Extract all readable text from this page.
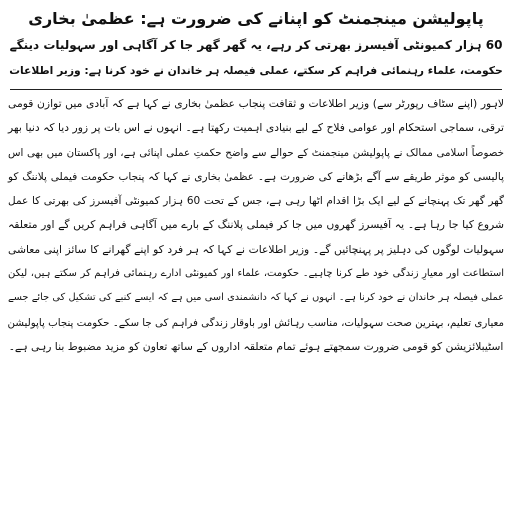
پاپولیشن مینجمنٹ کو اپنانے کی ضرورت ہے: عظمیٰ بخاری

60 ہزار کمیونٹی آفیسرز بھرتی کر رہے، یہ گھر گھر جا کر آگاہی اور سہولیات دینگے

حکومت، علماء رہنمائی فراہم کر سکتے، عملی فیصلہ ہر خاندان نے خود کرنا ہے: وزیر اطلاعات

لاہور (اپنے سٹاف رپورٹر سے) وزیر اطلاعات و ثقافت پنجاب عظمیٰ بخاری نے کہا ہے کہ آبادی میں توازن قومی

ترقی، سماجی استحکام اور عوامی فلاح کے لیے بنیادی اہمیت رکھتا ہے۔ انہوں نے اس بات پر زور دیا کہ دنیا بھر

خصوصاً اسلامی ممالک نے پاپولیشن مینجمنٹ کے حوالے سے واضح حکمتِ عملی اپنائی ہے، اور پاکستان میں بھی اس

پالیسی کو موثر طریقے سے آگے بڑھانے کی ضرورت ہے۔ عظمیٰ بخاری نے کہا کہ پنجاب حکومت فیملی پلاننگ کو

گھر گھر تک پہنچانے کے لیے ایک بڑا اقدام اٹھا رہی ہے، جس کے تحت 60 ہزار کمیونٹی آفیسرز کی بھرتی کا عمل

شروع کیا جا رہا ہے۔ یہ آفیسرز گھروں میں جا کر فیملی پلاننگ کے بارے میں آگاہی فراہم کریں گے اور متعلقہ

سہولیات لوگوں کی دہلیز پر پہنچائیں گے۔ وزیر اطلاعات نے کہا کہ ہر فرد کو اپنے گھرانے کا سائز اپنی معاشی

استطاعت اور معیارِ زندگی خود طے کرنا چاہیے۔ حکومت، علماء اور کمیونٹی ادارے رہنمائی فراہم کر سکتے ہیں، لیکن

عملی فیصلہ ہر خاندان نے خود کرنا ہے۔ انہوں نے کہا کہ دانشمندی اسی میں ہے کہ ایسے کنبے کی تشکیل کی جائے جسے

معیاری تعلیم، بہترین صحت سہولیات، مناسب رہائش اور باوقار زندگی فراہم کی جا سکے۔ حکومت پنجاب پاپولیشن

اسٹیبلائزیشن کو قومی ضرورت سمجھتے ہوئے تمام متعلقہ اداروں کے ساتھ تعاون کو مزید مضبوط بنا رہی ہے۔
